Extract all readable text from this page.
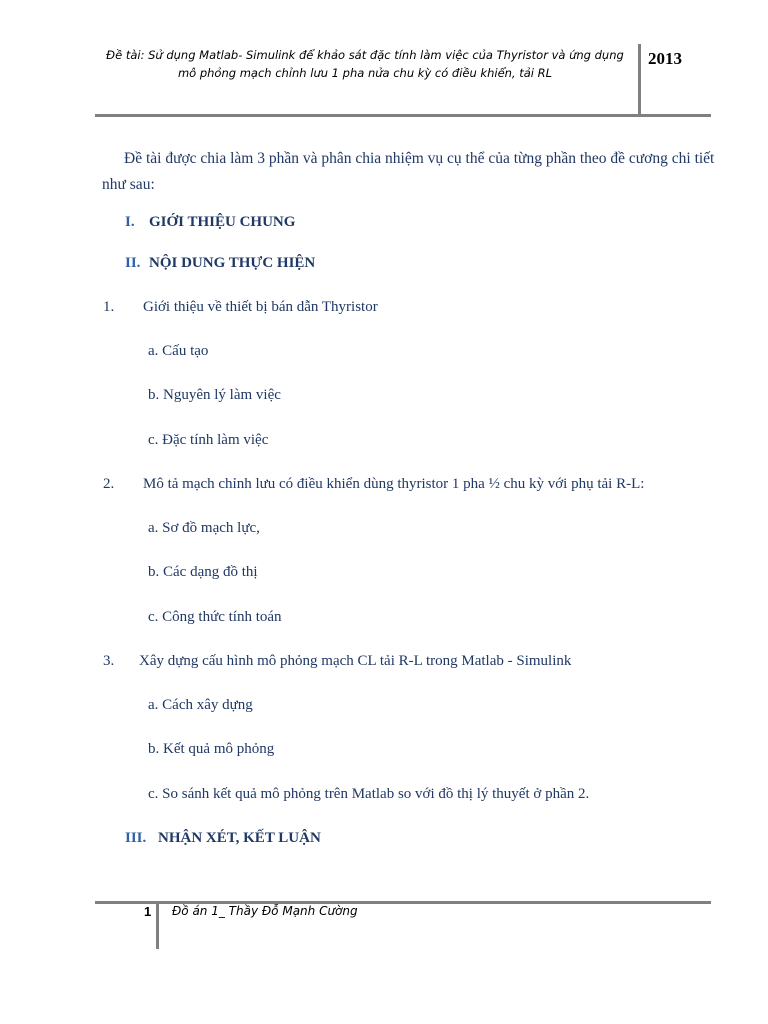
Đề tài: Sử dụng Matlab- Simulink để khảo sát đặc tính làm việc của Thyristor và ứng dụng
mô phỏng mạch chỉnh lưu 1 pha nửa chu kỳ có điều khiển, tải RL
2013
Đề tài được chia làm 3 phần và phân chia nhiệm vụ cụ thể của từng phần theo đề cương chi tiết như sau:
I. GIỚI THIỆU CHUNG
II. NỘI DUNG THỰC HIỆN
1. Giới thiệu về thiết bị bán dẫn Thyristor
a. Cấu tạo
b. Nguyên lý làm việc
c. Đặc tính làm việc
2. Mô tả mạch chỉnh lưu có điều khiển dùng thyristor 1 pha ½ chu kỳ với phụ tải R-L:
a. Sơ đồ mạch lực,
b. Các dạng đồ thị
c. Công thức tính toán
3. Xây dựng cấu hình mô phỏng mạch CL tải R-L trong Matlab - Simulink
a. Cách xây dựng
b. Kết quả mô phỏng
c. So sánh kết quả mô phỏng trên Matlab so với đồ thị lý thuyết ở phần 2.
III. NHẬN XÉT, KẾT LUẬN
1 Đồ án 1_ Thầy Đỗ Mạnh Cường
